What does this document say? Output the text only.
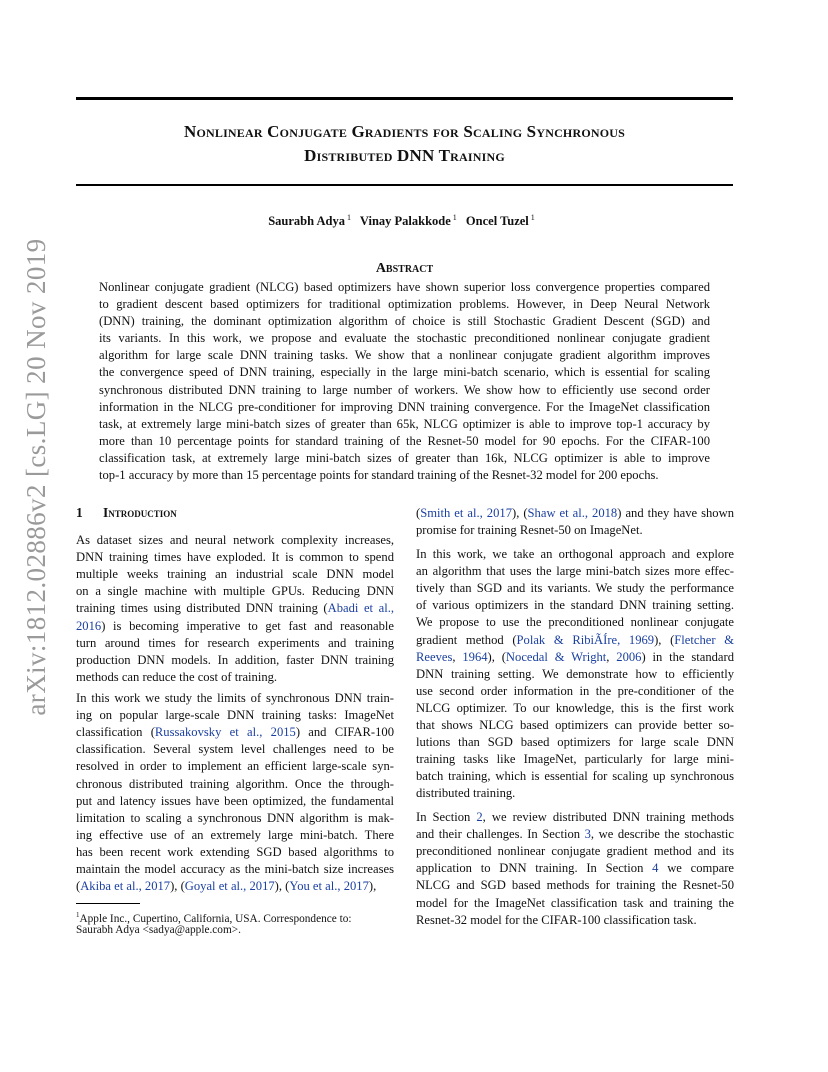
Nonlinear Conjugate Gradients for Scaling Synchronous
Distributed DNN Training
Saurabh Adya $^1$ Vinay Palakkode $^1$ Oncel Tuzel $^1$
arXiv:1812.02886v2 [cs.LG] 20 Nov 2019	Abstract
Nonlinear conjugate gradient (NLCG) based optimizers have shown superior loss convergence properties compared
to gradient descent based optimizers for traditional optimization problems. However, in Deep Neural Network
(DNN) training, the dominant optimization algorithm of choice is still Stochastic Gradient Descent (SGD) and
its variants. In this work, we propose and evaluate the stochastic preconditioned nonlinear conjugate gradient
algorithm for large scale DNN training tasks. We show that a nonlinear conjugate gradient algorithm improves
the convergence speed of DNN training, especially in the large mini-batch scenario, which is essential for scaling
synchronous distributed DNN training to large number of workers. We show how to efficiently use second order
information in the NLCG pre-conditioner for improving DNN training convergence. For the ImageNet classification
task, at extremely large mini-batch sizes of greater than 65k, NLCG optimizer is able to improve top-1 accuracy by
more than 10 percentage points for standard training of the Resnet-50 model for 90 epochs. For the CIFAR-100
classification task, at extremely large mini-batch sizes of greater than 16k, NLCG optimizer is able to improve
top-1 accuracy by more than 15 percentage points for standard training of the Resnet-32 model for 200 epochs.
1 Introduction
As dataset sizes and neural network complexity increases,
DNN training times have exploded. It is common to spend
multiple weeks training an industrial scale DNN model
on a single machine with multiple GPUs. Reducing DNN
training times using distributed DNN training (Abadi et al.,
2016) is becoming imperative to get fast and reasonable
turn around times for research experiments and training
production DNN models. In addition, faster DNN training
methods can reduce the cost of training.
In this work we study the limits of synchronous DNN train-
ing on popular large-scale DNN training tasks: ImageNet
classification (Russakovsky et al., 2015) and CIFAR-100
classification. Several system level challenges need to be
resolved in order to implement an efficient large-scale syn-
chronous distributed training algorithm. Once the through-
put and latency issues have been optimized, the fundamental
limitation to scaling a synchronous DNN algorithm is mak-
ing effective use of an extremely large mini-batch. There
has been recent work extending SGD based algorithms to
maintain the model accuracy as the mini-batch size increases
(Akiba et al., 2017), (Goyal et al., 2017), (You et al., 2017),
(Smith et al., 2017), (Shaw et al., 2018) and they have shown
promise for training Resnet-50 on ImageNet.
In this work, we take an orthogonal approach and explore
an algorithm that uses the large mini-batch sizes more effec-
tively than SGD and its variants. We study the performance
of various optimizers in the standard DNN training setting.
We propose to use the preconditioned nonlinear conjugate
gradient method (Polak & RibiÃÍre, 1969), (Fletcher &
Reeves, 1964), (Nocedal & Wright, 2006) in the standard
DNN training setting. We demonstrate how to efficiently
use second order information in the pre-conditioner of the
NLCG optimizer. To our knowledge, this is the first work
that shows NLCG based optimizers can provide better so-
lutions than SGD based optimizers for large scale DNN
training tasks like ImageNet, particularly for large mini-
batch training, which is essential for scaling up synchronous
distributed training.
In Section 2, we review distributed DNN training methods
and their challenges. In Section 3, we describe the stochastic
preconditioned nonlinear conjugate gradient method and its
application to DNN training. In Section 4 we compare
NLCG and SGD based methods for training the Resnet-50
model for the ImageNet classification task and training the
Resnet-32 model for the CIFAR-100 classification task.
$^1$Apple Inc., Cupertino, California, USA. Correspondence to:
Saurabh Adya <sadya@apple.com>.
